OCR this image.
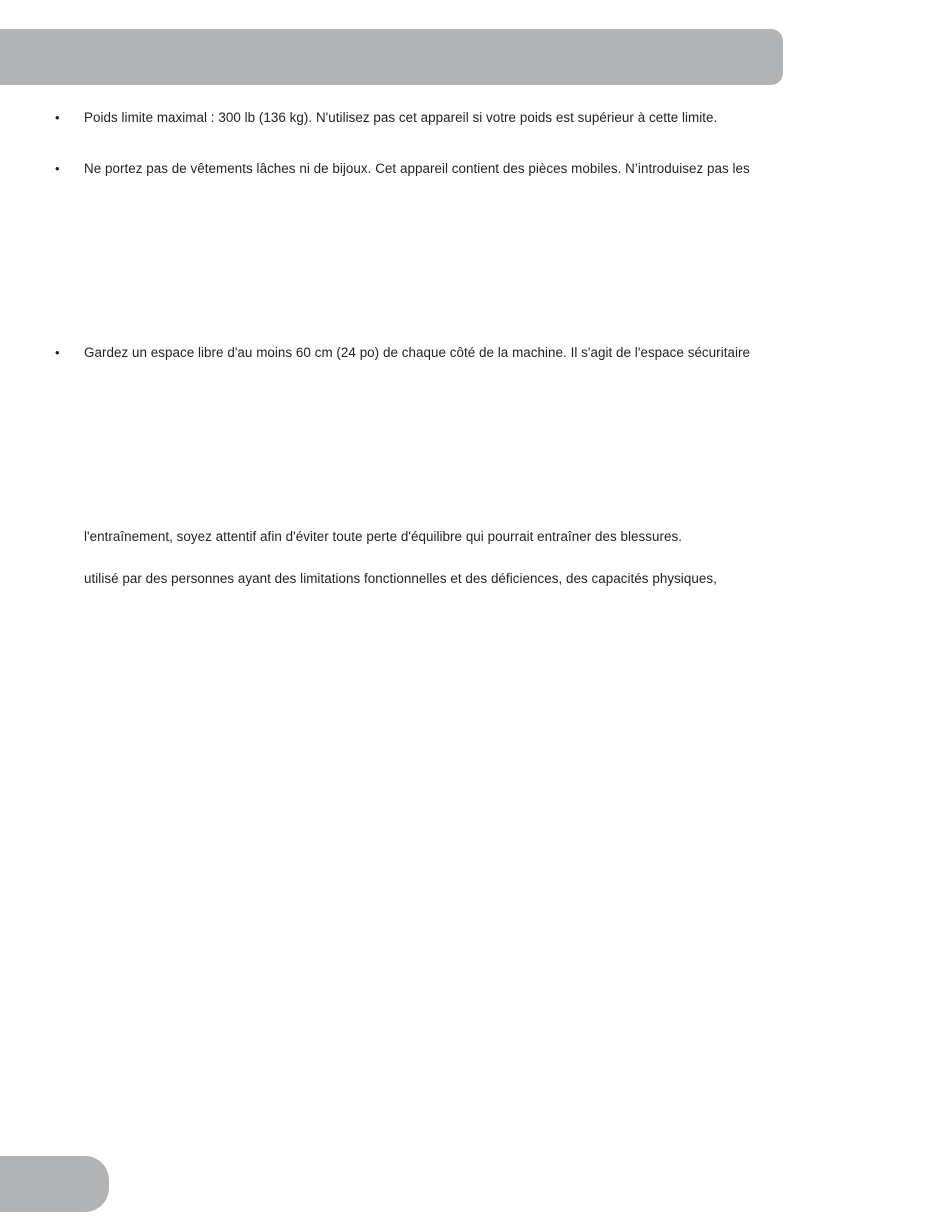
• Poids limite maximal : 300 lb (136 kg). N'utilisez pas cet appareil si votre poids est supérieur à cette limite.
• Ne portez pas de vêtements lâches ni de bijoux. Cet appareil contient des pièces mobiles. N’introduisez pas les
• Gardez un espace libre d'au moins 60 cm (24 po) de chaque côté de la machine. Il s'agit de l'espace sécuritaire
l'entraînement, soyez attentif afin d'éviter toute perte d'équilibre qui pourrait entraîner des blessures.
utilisé par des personnes ayant des limitations fonctionnelles et des déficiences, des capacités physiques,
